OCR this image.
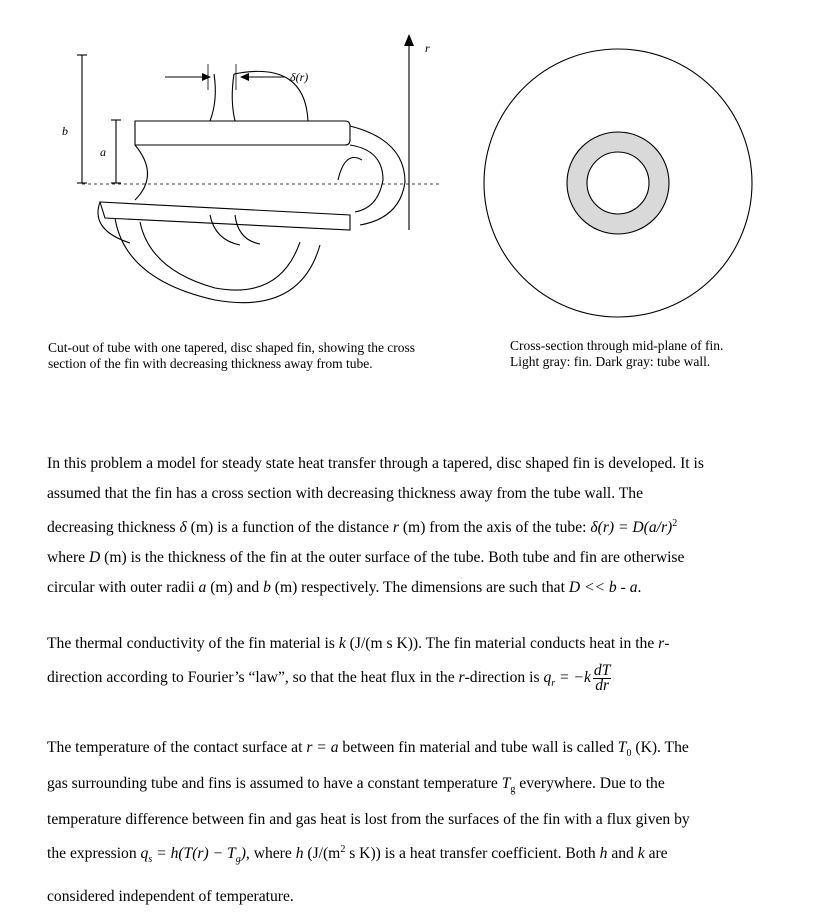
δ(r)
r
b
a
Cut-out of tube with one tapered, disc shaped fin, showing the cross
section of the fin with decreasing thickness away from tube.
Cross-section through mid-plane of fin.
Light gray: fin. Dark gray: tube wall.
In this problem a model for steady state heat transfer through a tapered, disc shaped fin is developed. It is
assumed that the fin has a cross section with decreasing thickness away from the tube wall. The
decreasing thickness δ (m) is a function of the distance r (m) from the axis of the tube: $\delta(r) = D(a/r)^2$
where D (m) is the thickness of the fin at the outer surface of the tube. Both tube and fin are otherwise
circular with outer radii a (m) and b (m) respectively. The dimensions are such that D << b - a.
The thermal conductivity of the fin material is k (J/(m s K)). The fin material conducts heat in the r-
direction according to Fourier’s “law”, so that the heat flux in the r-direction is $q_r = -k \frac{dT}{dr}$
The temperature of the contact surface at r = a between fin material and tube wall is called $T_0$ (K). The
gas surrounding tube and fins is assumed to have a constant temperature $T_g$ everywhere. Due to the
temperature difference between fin and gas heat is lost from the surfaces of the fin with a flux given by
the expression $q_s = h(T(r) - T_g)$, where h ($J/(m^2$ s K)) is a heat transfer coefficient. Both h and k are
considered independent of temperature.
